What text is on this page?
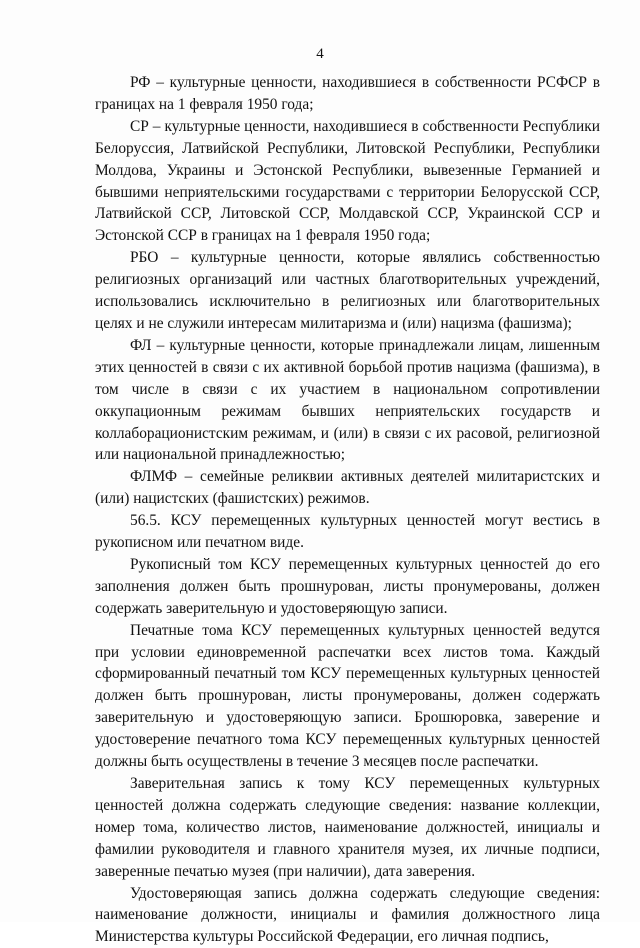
4

РФ – культурные ценности, находившиеся в собственности РСФСР в границах на 1 февраля 1950 года;

СР – культурные ценности, находившиеся в собственности Республики Белоруссия, Латвийской Республики, Литовской Республики, Республики Молдова, Украины и Эстонской Республики, вывезенные Германией и бывшими неприятельскими государствами с территории Белорусской ССР, Латвийской ССР, Литовской ССР, Молдавской ССР, Украинской ССР и Эстонской ССР в границах на 1 февраля 1950 года;

РБО – культурные ценности, которые являлись собственностью религиозных организаций или частных благотворительных учреждений, использовались исключительно в религиозных или благотворительных целях и не служили интересам милитаризма и (или) нацизма (фашизма);

ФЛ – культурные ценности, которые принадлежали лицам, лишенным этих ценностей в связи с их активной борьбой против нацизма (фашизма), в том числе в связи с их участием в национальном сопротивлении оккупационным режимам бывших неприятельских государств и коллаборационистским режимам, и (или) в связи с их расовой, религиозной или национальной принадлежностью;

ФЛМФ – семейные реликвии активных деятелей милитаристских и (или) нацистских (фашистских) режимов.

56.5. КСУ перемещенных культурных ценностей могут вестись в рукописном или печатном виде.

Рукописный том КСУ перемещенных культурных ценностей до его заполнения должен быть прошнурован, листы пронумерованы, должен содержать заверительную и удостоверяющую записи.

Печатные тома КСУ перемещенных культурных ценностей ведутся при условии единовременной распечатки всех листов тома. Каждый сформированный печатный том КСУ перемещенных культурных ценностей должен быть прошнурован, листы пронумерованы, должен содержать заверительную и удостоверяющую записи. Брошюровка, заверение и удостоверение печатного тома КСУ перемещенных культурных ценностей должны быть осуществлены в течение 3 месяцев после распечатки.

Заверительная запись к тому КСУ перемещенных культурных ценностей должна содержать следующие сведения: название коллекции, номер тома, количество листов, наименование должностей, инициалы и фамилии руководителя и главного хранителя музея, их личные подписи, заверенные печатью музея (при наличии), дата заверения.

Удостоверяющая запись должна содержать следующие сведения: наименование должности, инициалы и фамилия должностного лица Министерства культуры Российской Федерации, его личная подпись,
